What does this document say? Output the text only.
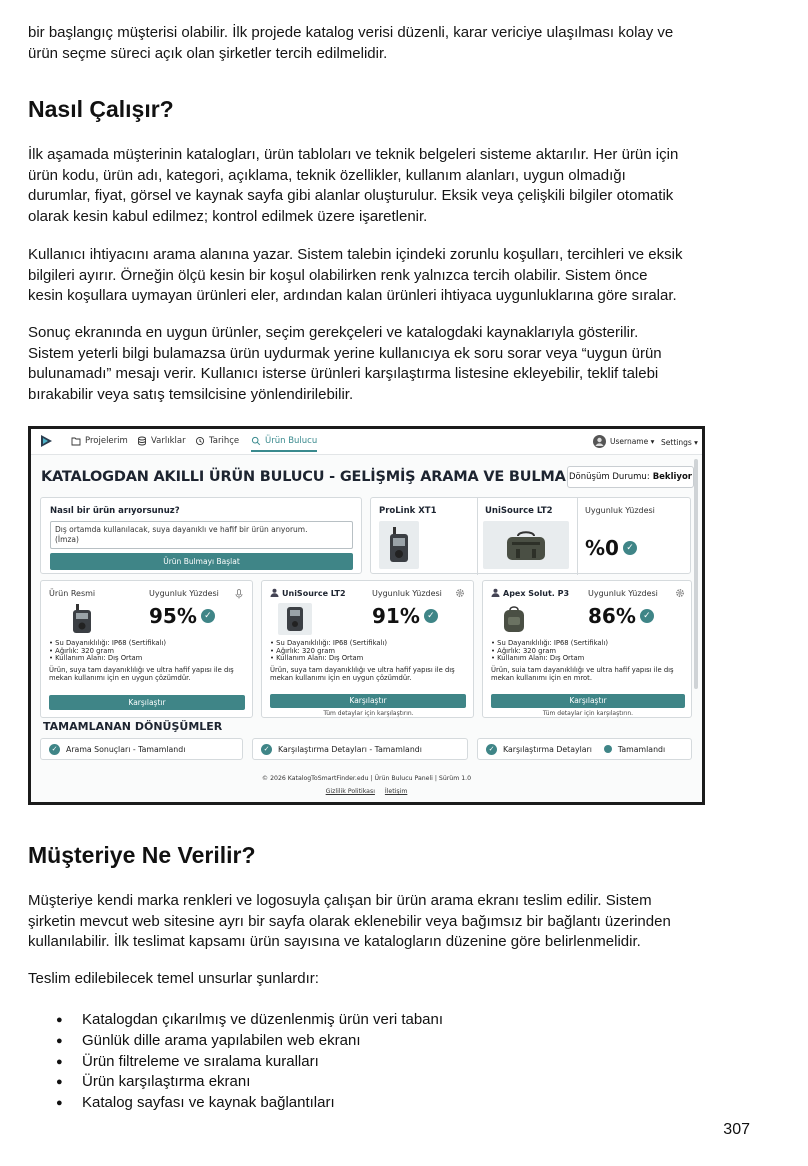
bir başlangıç müşterisi olabilir. İlk projede katalog verisi düzenli, karar vericiye ulaşılması kolay ve
ürün seçme süreci açık olan şirketler tercih edilmelidir.
Nasıl Çalışır?
İlk aşamada müşterinin katalogları, ürün tabloları ve teknik belgeleri sisteme aktarılır. Her ürün için
ürün kodu, ürün adı, kategori, açıklama, teknik özellikler, kullanım alanları, uygun olmadığı
durumlar, fiyat, görsel ve kaynak sayfa gibi alanlar oluşturulur. Eksik veya çelişkili bilgiler otomatik
olarak kesin kabul edilmez; kontrol edilmek üzere işaretlenir.
Kullanıcı ihtiyacını arama alanına yazar. Sistem talebin içindeki zorunlu koşulları, tercihleri ve eksik
bilgileri ayırır. Örneğin ölçü kesin bir koşul olabilirken renk yalnızca tercih olabilir. Sistem önce
kesin koşullara uymayan ürünleri eler, ardından kalan ürünleri ihtiyaca uygunluklarına göre sıralar.
Sonuç ekranında en uygun ürünler, seçim gerekçeleri ve katalogdaki kaynaklarıyla gösterilir.
Sistem yeterli bilgi bulamazsa ürün uydurmak yerine kullanıcıya ek soru sorar veya “uygun ürün
bulunamadı” mesajı verir. Kullanıcı isterse ürünleri karşılaştırma listesine ekleyebilir, teklif talebi
bırakabilir veya satış temsilcisine yönlendirilebilir.
Projelerim	Varlıklar	Tarihçe	Ürün Bulucu	Username ▾ Settings ▾
KATALOGDAN AKILLI ÜRÜN BULUCU - GELİŞMİŞ ARAMA VE BULMA Dönüşüm Durumu: Bekliyor
Nasıl bir ürün arıyorsunuz?
Dış ortamda kullanılacak, suya dayanıklı ve hafif bir ürün arıyorum.
(İmza)
Ürün Bulmayı Başlat
ProLink XT1	UniSource LT2	Uygunluk Yüzdesi
%0 ✓
Ürün Resmi	Uygunluk Yüzdesi
95% ✓
• Su Dayanıklılığı: IP68 (Sertifikalı)
• Ağırlık: 320 gram
• Kullanım Alanı: Dış Ortam
Ürün, suya tam dayanıklılığı ve ultra hafif yapısı ile dış
mekan kullanımı için en uygun çözümdür.
Karşılaştır
UniSource LT2	Uygunluk Yüzdesi
91% ✓
• Su Dayanıklılığı: IP68 (Sertifikalı)
• Ağırlık: 320 gram
• Kullanım Alanı: Dış Ortam
Ürün, suya tam dayanıklılığı ve ultra hafif yapısı ile dış
mekan kullanımı için en uygun çözümdür.
Karşılaştır
Tüm detaylar için karşılaştırın.
Apex Solut. P3 Uygunluk Yüzdesi
86% ✓
• Su Dayanıklılığı: IP68 (Sertifikalı)
• Ağırlık: 320 gram
• Kullanım Alanı: Dış Ortam
Ürün, suia tam dayanıklılığı ve ultra hafif yapısı ile dış
mekan kullanımı için en mrot.
Karşılaştır
Tüm detaylar için karşılaştırın.
TAMAMLANAN DÖNÜŞÜMLER
✓	Arama Sonuçları - Tamamlandı	✓	Karşılaştırma Detayları - Tamamlandı	✓	Karşılaştırma Detayları	Tamamlandı
© 2026 KatalogToSmartFinder.edu | Ürün Bulucu Paneli | Sürüm 1.0
Gizlilik Politikası İletişim
Müşteriye Ne Verilir?
Müşteriye kendi marka renkleri ve logosuyla çalışan bir ürün arama ekranı teslim edilir. Sistem
şirketin mevcut web sitesine ayrı bir sayfa olarak eklenebilir veya bağımsız bir bağlantı üzerinden
kullanılabilir. İlk teslimat kapsamı ürün sayısına ve katalogların düzenine göre belirlenmelidir.
Teslim edilebilecek temel unsurlar şunlardır:
● Katalogdan çıkarılmış ve düzenlenmiş ürün veri tabanı
● Günlük dille arama yapılabilen web ekranı
● Ürün filtreleme ve sıralama kuralları
● Ürün karşılaştırma ekranı
● Katalog sayfası ve kaynak bağlantıları
307
